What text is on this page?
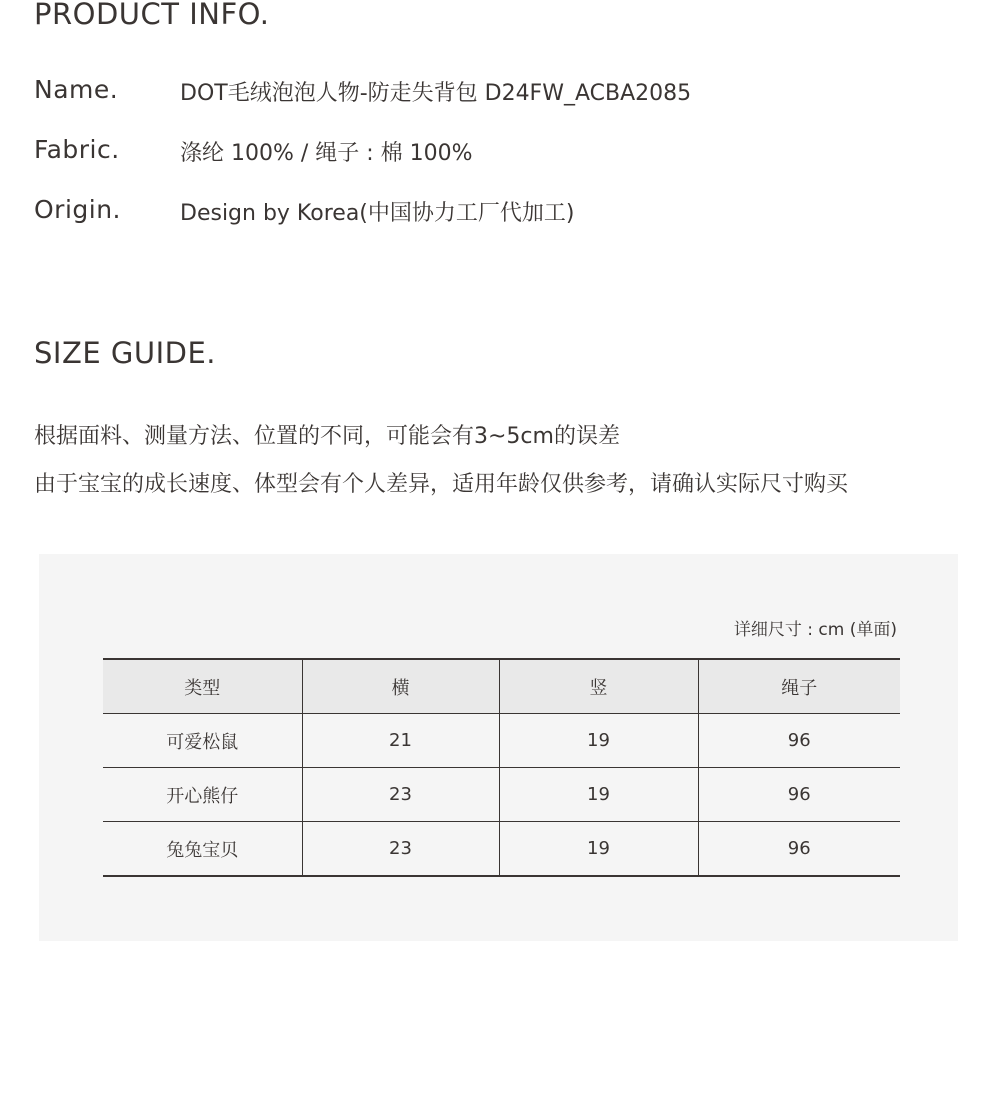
PRODUCT INFO.
Name.	DOT毛绒泡泡人物-防走失背包 D24FW_ACBA2085
Fabric.	涤纶 100% / 绳子 : 棉 100%
Origin.	Design by Korea(中国协力工厂代加工)
SIZE GUIDE.
根据面料、测量方法、位置的不同，可能会有3~5cm的误差
由于宝宝的成长速度、体型会有个人差异，适用年龄仅供参考，请确认实际尺寸购买
详细尺寸 : cm (单面)
类型	横	竖	绳子
可爱松鼠	21	19	96
开心熊仔	23	19	96
兔兔宝贝	23	19	96
